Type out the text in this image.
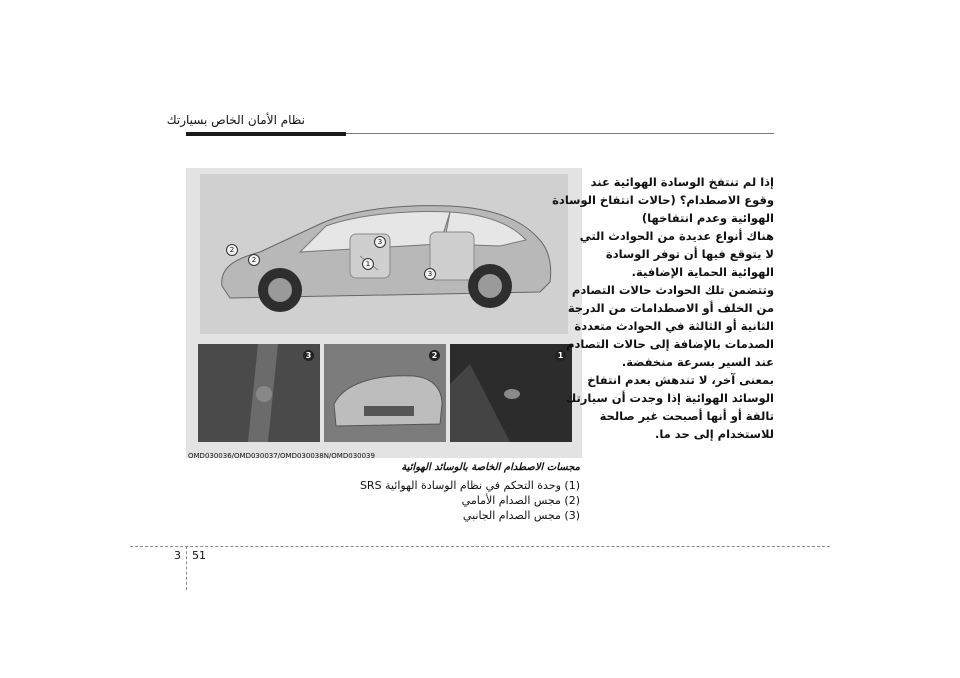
نظام الأمان الخاص بسيارتك
2
2
3
1
3
3	2	1
OMD030036/OMD030037/OMD030038N/OMD030039
مجسات الاصطدام الخاصة بالوسائد الهوائية
(1) وحدة التحكم في نظام الوسادة الهوائية SRS
(2) مجس الصدام الأمامي
(3) مجس الصدام الجانبي

إذا لم تنتفخ الوسادة الهوائية عند

وقوع الاصطدام؟ (حالات انتفاخ الوسادة

الهوائية وعدم انتفاخها)

هناك أنواع عديدة من الحوادث التي

لا يتوقع فيها أن توفر الوسادة

الهوائية الحماية الإضافية.

وتتضمن تلك الحوادث حالات التصادم

من الخلف أو الاصطدامات من الدرجة

الثانية أو الثالثة في الحوادث متعددة

الصدمات بالإضافة إلى حالات التصادم

عند السير بسرعة منخفضة.

بمعنى آخر، لا تندهش بعدم انتفاخ

الوسائد الهوائية إذا وجدت أن سيارتك

تالفة أو أنها أصبحت غير صالحة

للاستخدام إلى حد ما.

3 51
